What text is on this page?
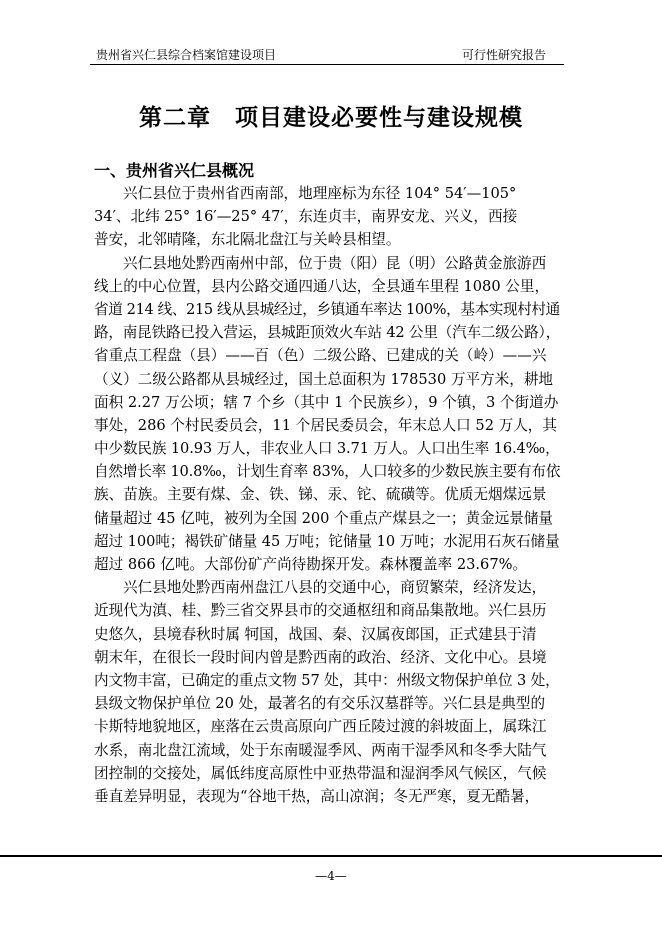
贵州省兴仁县综合档案馆建设项目	可行性研究报告
第二章　项目建设必要性与建设规模
一、贵州省兴仁县概况
兴仁县位于贵州省西南部，地理座标为东径 104° 54′—105°
34′、北纬 25° 16′—25° 47′，东连贞丰，南界安龙、兴义，西接
普安，北邻晴隆，东北隔北盘江与关岭县相望。
兴仁县地处黔西南州中部，位于贵（阳）昆（明）公路黄金旅游西
线上的中心位置，县内公路交通四通八达，全县通车里程 1080 公里，
省道 214 线、215 线从县城经过，乡镇通车率达 100%，基本实现村村通
路，南昆铁路已投入营运，县城距顶效火车站 42 公里（汽车二级公路），
省重点工程盘（县）——百（色）二级公路、已建成的关（岭）——兴
（义）二级公路都从县城经过，国土总面积为 178530 万平方米，耕地
面积 2.27 万公顷；辖 7 个乡（其中 1 个民族乡），9 个镇，3 个街道办
事处，286 个村民委员会，11 个居民委员会，年末总人口 52 万人，其
中少数民族 10.93 万人，非农业人口 3.71 万人。人口出生率 16.4‰，
自然增长率 10.8‰，计划生育率 83%，人口较多的少数民族主要有布依
族、苗族。主要有煤、金、铁、锑、汞、铊、硫磺等。优质无烟煤远景
储量超过 45 亿吨，被列为全国 200 个重点产煤县之一；黄金远景储量
超过 100吨；褐铁矿储量 45 万吨；铊储量 10 万吨；水泥用石灰石储量
超过 866 亿吨。大部份矿产尚待勘探开发。森林覆盖率 23.67%。
兴仁县地处黔西南州盘江八县的交通中心，商贸繁荣，经济发达，
近现代为滇、桂、黔三省交界县市的交通枢纽和商品集散地。兴仁县历
史悠久，县境春秋时属 牱国，战国、秦、汉属夜郎国，正式建县于清
朝末年，在很长一段时间内曾是黔西南的政治、经济、文化中心。县境
内文物丰富，已确定的重点文物 57 处，其中：州级文物保护单位 3 处，
县级文物保护单位 20 处，最著名的有交乐汉墓群等。兴仁县是典型的
卡斯特地貌地区，座落在云贵高原向广西丘陵过渡的斜坡面上，属珠江
水系，南北盘江流域，处于东南暖湿季风、两南干湿季风和冬季大陆气
团控制的交接处，属低纬度高原性中亚热带温和湿润季风气候区，气候
垂直差异明显，表现为“谷地干热，高山凉润；冬无严寒，夏无酷暑，
—4—
